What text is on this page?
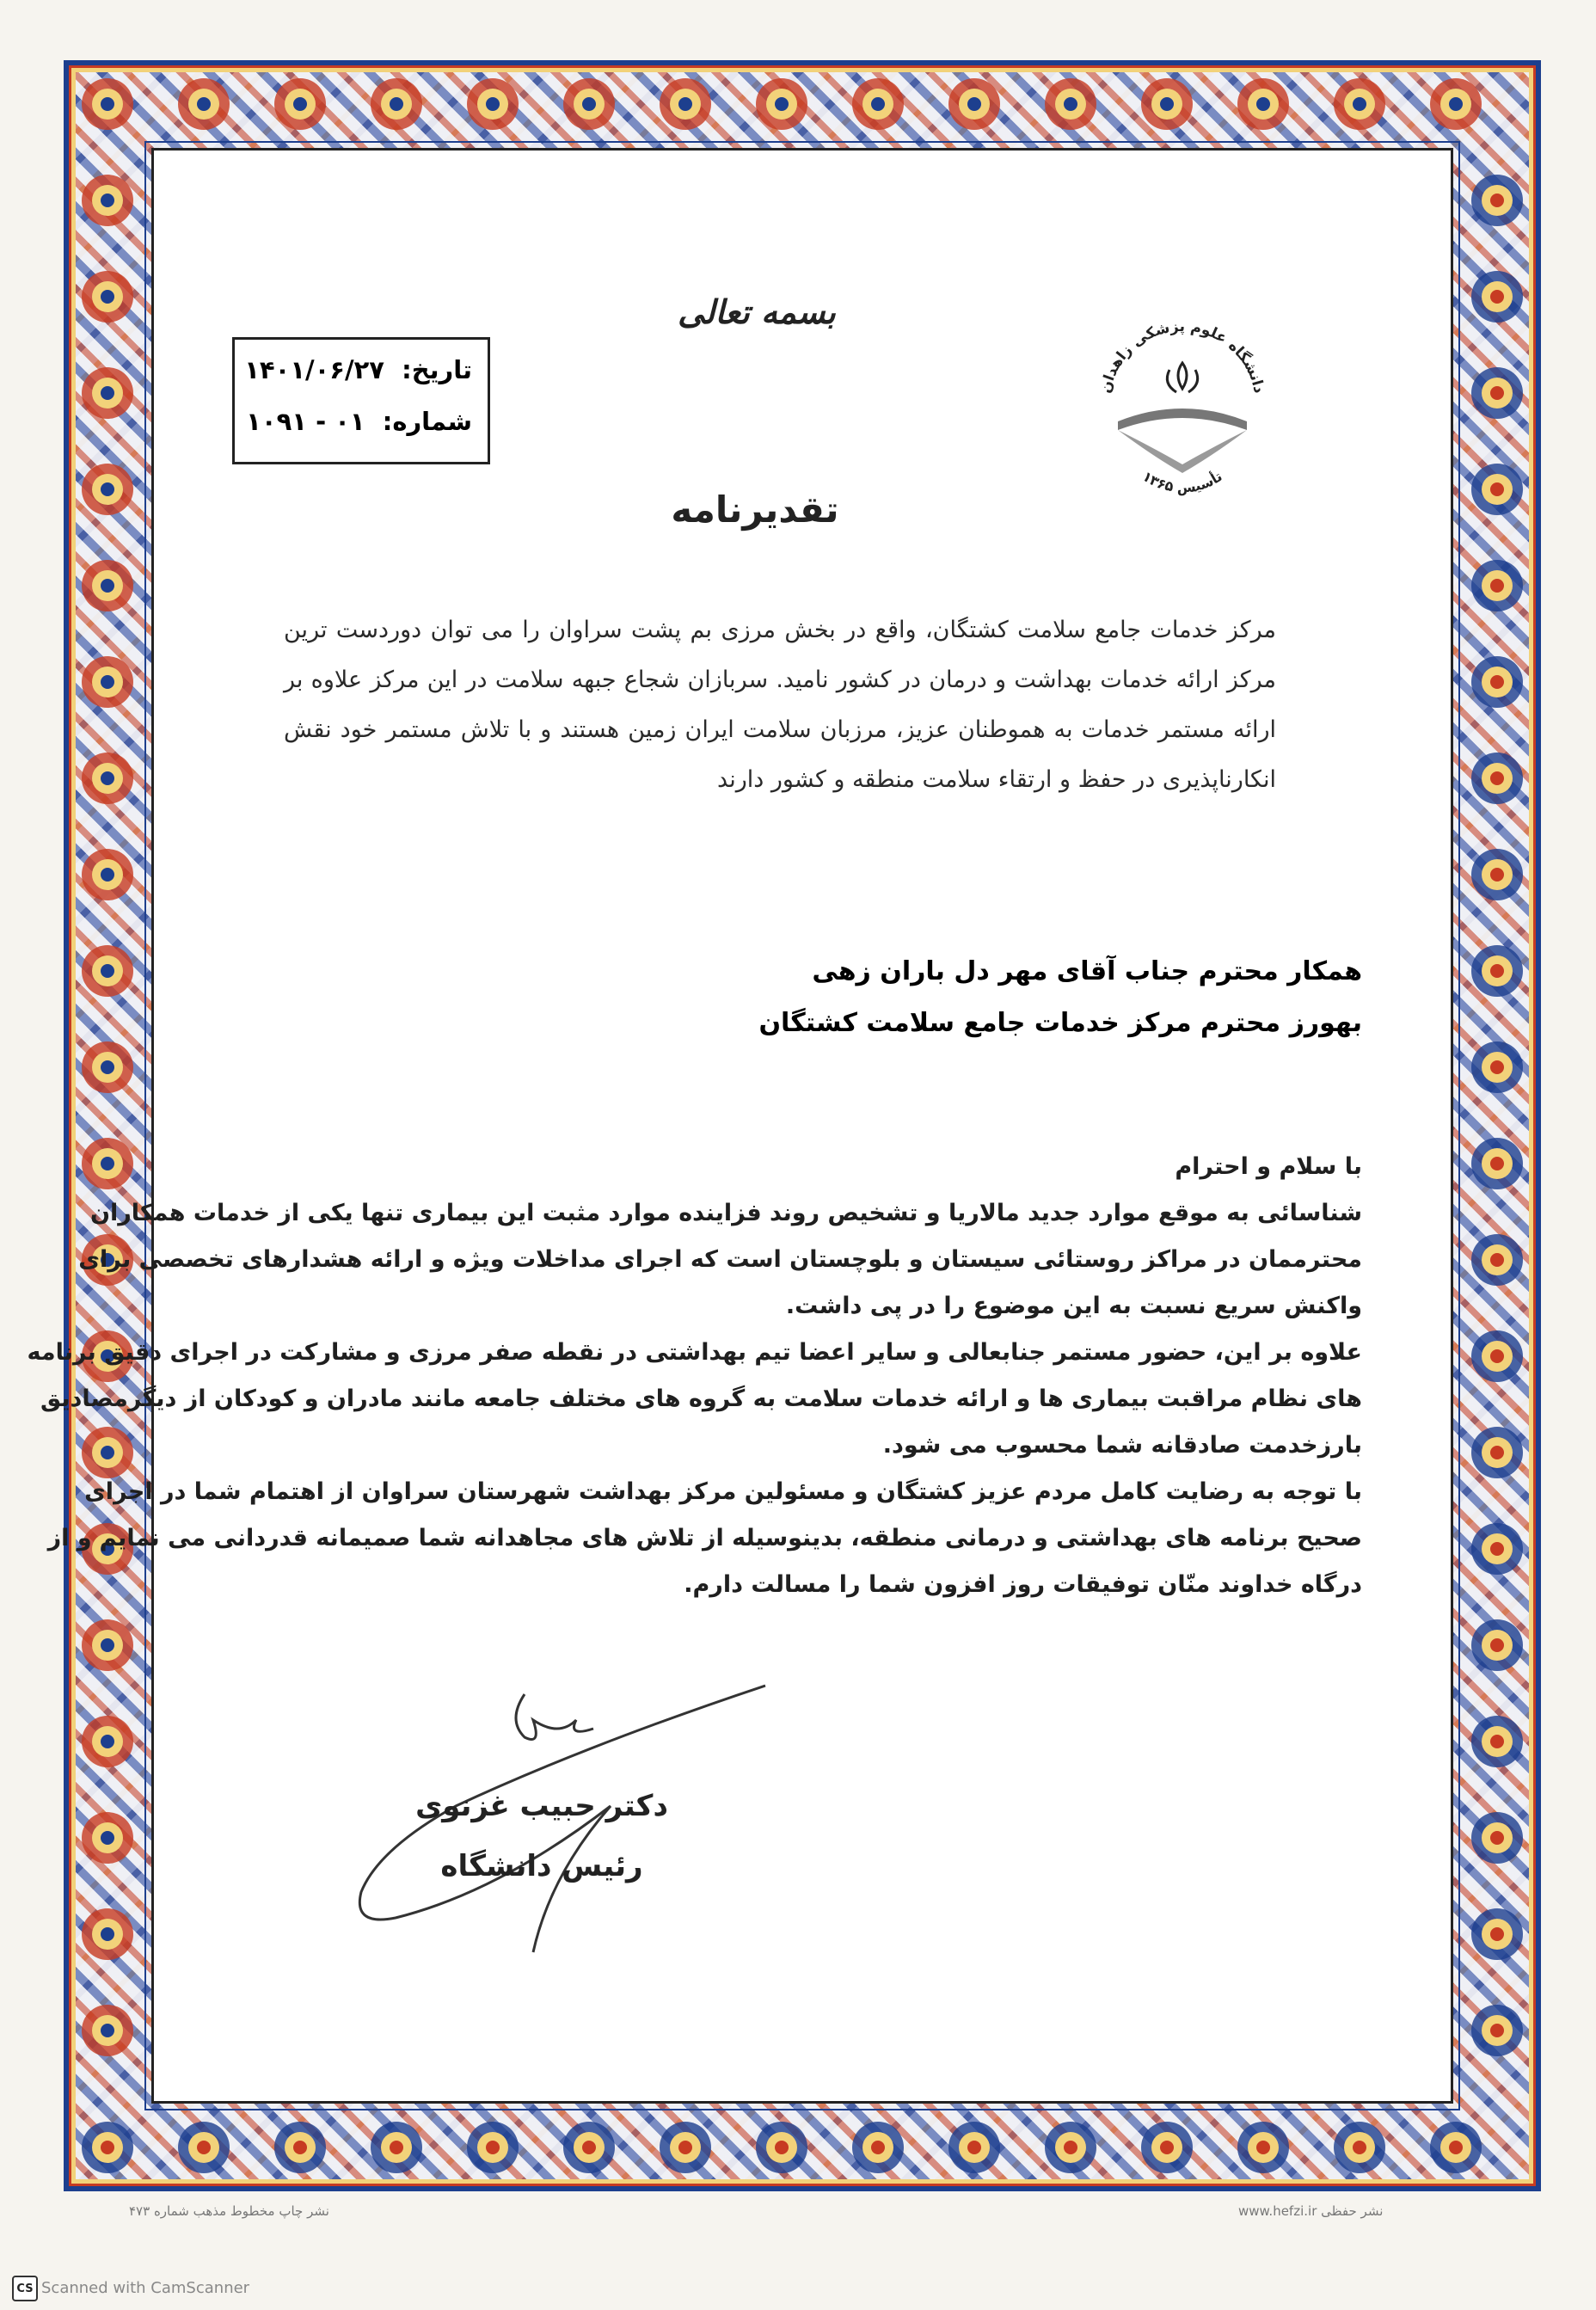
بسمه تعالی
دانشگاه علوم پزشکی زاهدان
تأسیس ۱۳۶۵
تاریخ: ۱۴۰۱/۰۶/۲۷
شماره: ۰۱ - ۱۰۹۱
تقدیرنامه
مرکز خدمات جامع سلامت کشتگان، واقع در بخش مرزی بم پشت سراوان را می توان دوردست ترین
مرکز ارائه خدمات بهداشت و درمان در کشور نامید. سربازان شجاع جبهه سلامت در این مرکز علاوه بر
ارائه مستمر خدمات به هموطنان عزیز، مرزبان سلامت ایران زمین هستند و با تلاش مستمر خود نقش
انکارناپذیری در حفظ و ارتقاء سلامت منطقه و کشور دارند
همکار محترم جناب آقای مهر دل باران زهی
بهورز محترم مرکز خدمات جامع سلامت کشتگان
با سلام و احترام
شناسائی به موقع موارد جدید مالاریا و تشخیص روند فزاینده موارد مثبت این بیماری تنها یکی از خدمات همکاران
محترممان در مراکز روستائی سیستان و بلوچستان است که اجرای مداخلات ویژه و ارائه هشدارهای تخصصی برای
واکنش سریع نسبت به این موضوع را در پی داشت.
علاوه بر این، حضور مستمر جنابعالی و سایر اعضا تیم بهداشتی در نقطه صفر مرزی و مشارکت در اجرای دقیق برنامه
های نظام مراقبت بیماری ها و ارائه خدمات سلامت به گروه های مختلف جامعه مانند مادران و کودکان از دیگرمصادیق
بارزخدمت صادقانه شما محسوب می شود.
با توجه به رضایت کامل مردم عزیز کشتگان و مسئولین مرکز بهداشت شهرستان سراوان از اهتمام شما در اجرای
صحیح برنامه های بهداشتی و درمانی منطقه، بدینوسیله از تلاش های مجاهدانه شما صمیمانه قدردانی می نمایم و از
درگاه خداوند منّان توفیقات روز افزون شما را مسالت دارم.
دکتر حبیب غزنوی
رئیس دانشگاه
نشر چاپ مخطوط مذهب شماره ۴۷۳	www.hefzi.ir نشر حفظی
CS Scanned with CamScanner
